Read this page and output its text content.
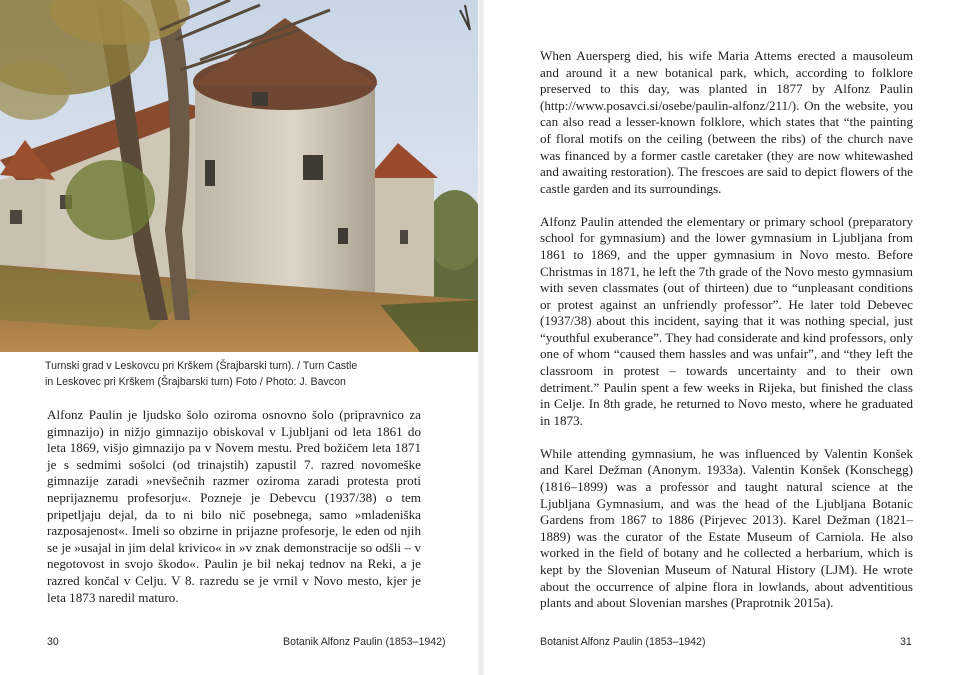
Turnski grad v Leskovcu pri Krškem (Šrajbarski turn). / Turn Castle
in Leskovec pri Krškem (Šrajbarski turn) Foto / Photo: J. Bavcon

Alfonz Paulin je ljudsko šolo oziroma osnovno šolo (pripravnico za gimnazijo) in nižjo gimnazijo obiskoval v Ljubljani od leta 1861 do leta 1869, višjo gimnazijo pa v Novem mestu. Pred božičem leta 1871 je s sedmimi sošolci (od trinajstih) zapustil 7. razred novomeške gimnazije zaradi »nevšečnih razmer oziroma zaradi protesta proti neprijaznemu profesorju«. Pozneje je Debevcu (1937/38) o tem pripetljaju dejal, da to ni bilo nič posebnega, samo »mladeniška razposajenost«. Imeli so obzirne in prijazne profesorje, le eden od njih se je »usajal in jim delal krivico« in »v znak demonstracije so odšli – v negotovost in svojo škodo«. Paulin je bil nekaj tednov na Reki, a je razred končal v Celju. V 8. razredu se je vrnil v Novo mesto, kjer je leta 1873 naredil maturo.

30	Botanik Alfonz Paulin (1853–1942)

When Auersperg died, his wife Maria Attems erected a mausoleum and around it a new botanical park, which, according to folklore preserved to this day, was planted in 1877 by Alfonz Paulin (http://www.posavci.si/osebe/paulin-alfonz/211/). On the website, you can also read a lesser-known folklore, which states that “the painting of floral motifs on the ceiling (between the ribs) of the church nave was financed by a former castle caretaker (they are now whitewashed and awaiting restoration). The frescoes are said to depict flowers of the castle garden and its surroundings.

Alfonz Paulin attended the elementary or primary school (preparatory school for gymnasium) and the lower gymnasium in Ljubljana from 1861 to 1869, and the upper gymnasium in Novo mesto. Before Christmas in 1871, he left the 7th grade of the Novo mesto gymnasium with seven classmates (out of thirteen) due to “unpleasant conditions or protest against an unfriendly professor”. He later told Debevec (1937/38) about this incident, saying that it was nothing special, just “youthful exuberance”. They had considerate and kind professors, only one of whom “caused them hassles and was unfair”, and “they left the classroom in protest – towards uncertainty and to their own detriment.” Paulin spent a few weeks in Rijeka, but finished the class in Celje. In 8th grade, he returned to Novo mesto, where he graduated in 1873.

While attending gymnasium, he was influenced by Valentin Konšek and Karel Dežman (Anonym. 1933a). Valentin Konšek (Konschegg) (1816–1899) was a professor and taught natural science at the Ljubljana Gymnasium, and was the head of the Ljubljana Botanic Gardens from 1867 to 1886 (Pirjevec 2013). Karel Dežman (1821–1889) was the curator of the Estate Museum of Carniola. He also worked in the field of botany and he collected a herbarium, which is kept by the Slovenian Museum of Natural History (LJM). He wrote about the occurrence of alpine flora in lowlands, about adventitious plants and about Slovenian marshes (Praprotnik 2015a).

Botanist Alfonz Paulin (1853–1942)	31
